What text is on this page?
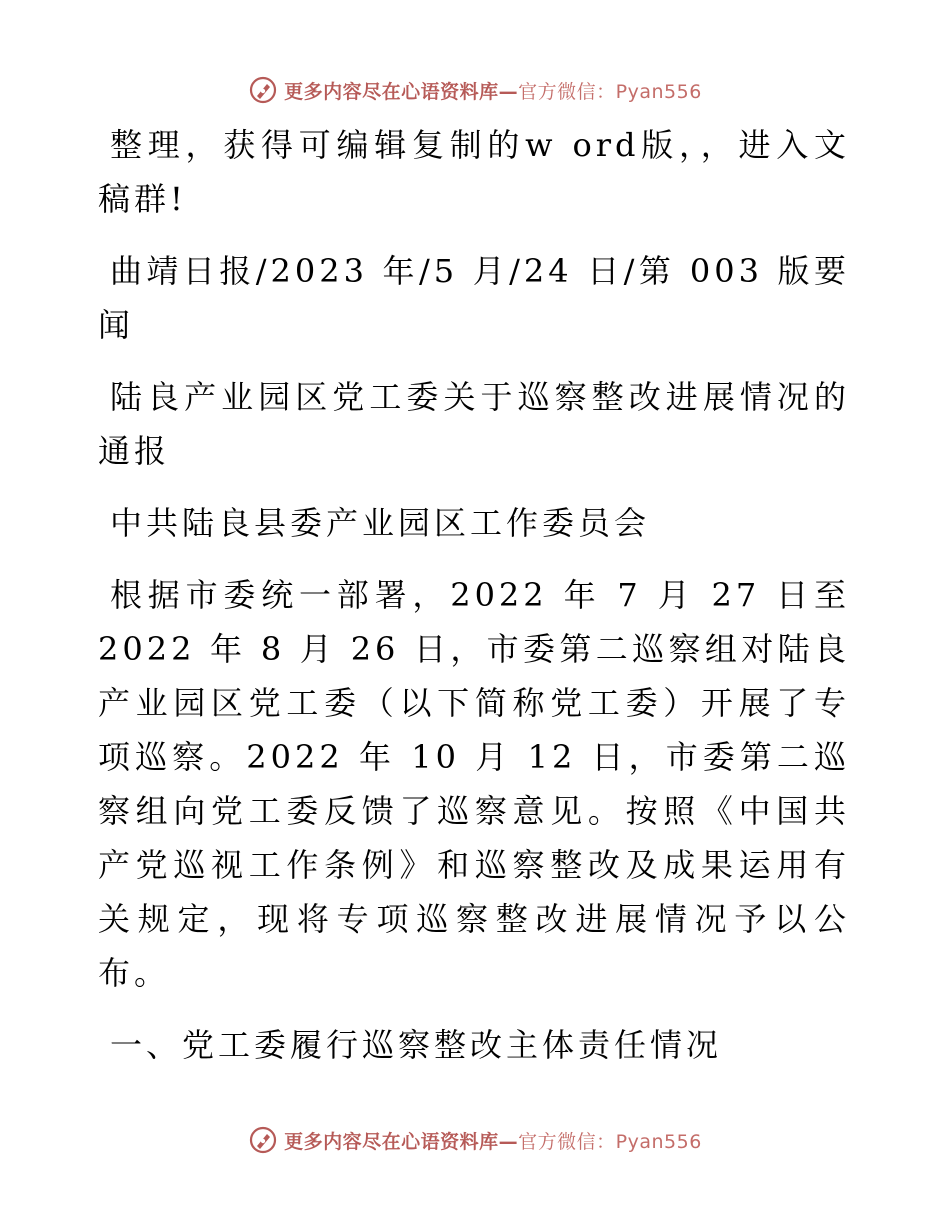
更多内容尽在心语资料库—官方微信：Pyan556

整理，获得可编辑复制的w ord版，，进入文稿群!

曲靖日报/2023 年/5 月/24 日/第 003 版要闻

陆良产业园区党工委关于巡察整改进展情况的通报

中共陆良县委产业园区工作委员会

根据市委统一部署，2022 年 7 月 27 日至 2022 年 8 月 26 日，市委第二巡察组对陆良产业园区党工委（以下简称党工委）开展了专项巡察。2022 年 10 月 12 日，市委第二巡察组向党工委反馈了巡察意见。按照《中国共产党巡视工作条例》和巡察整改及成果运用有关规定，现将专项巡察整改进展情况予以公布。

一、党工委履行巡察整改主体责任情况

更多内容尽在心语资料库—官方微信：Pyan556
